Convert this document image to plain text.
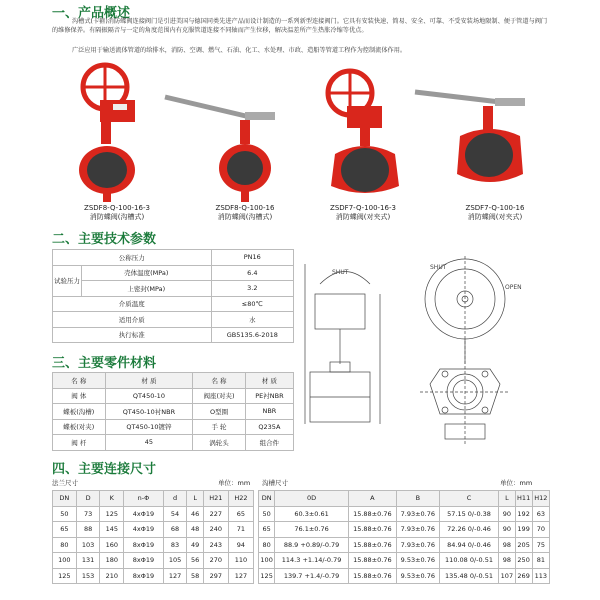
一、产品概述
沟槽式(卡箍)消防蝶阀连接阀门是引进美国与德国同类先进产品而设计制造的一系列新型连接阀门。它具有安装快速、简易、安全、可靠、不受安装场地限制、便于管道与阀门的维修保养。有隔振隔音与一定的角度范围内有克服管道连接不同轴而产生位移，解决温差所产生热胀冷缩等优点。
广泛应用于输送流体管道的给排水，消防、空调、燃气、石油、化工、水处理、市政、造船等管道工程作为控制流体作用。
ZSDF8-Q-100-16-3
消防蝶阀(沟槽式)
ZSDF8-Q-100-16
消防蝶阀(沟槽式)
ZSDF7-Q-100-16-3
消防蝶阀(对夹式)
ZSDF7-Q-100-16
消防蝶阀(对夹式)
二、主要技术参数
公称压力		PN16
试验压力	壳体温度(MPa)	6.4
	上密封(MPa)	3.2
介质温度		≤80℃
适用介质		水
执行标准		GB5135.6-2018
三、主要零件材料
名 称	材 质	名 称	材 质
阀 体	QT450-10	阀座(对夹)	PE衬NBR
蝶板(沟槽)	QT450-10衬NBR	O型圈	NBR
蝶板(对夹)	QT450-10镀锌	手 轮	Q235A
阀 杆	45	涡轮头	组合件
SHUT
SHUT
OPEN
四、主要连接尺寸
法兰尺寸	单位：mm 沟槽尺寸	单位：mm
DN	D	K	n-Φ	d	L	H21	H22
50	73	125	4xΦ19	54	46	227	65
65	88	145	4xΦ19	68	48	240	71
80	103	160	8xΦ19	83	49	243	94
100	131	180	8xΦ19	105	56	270	110
125	153	210	8xΦ19	127	58	297	127
DN	0D	A	B	C	L	H11	H12
50	60.3±0.61	15.88±0.76	7.93±0.76	57.15 0/-0.38	90	192	63
65	76.1±0.76	15.88±0.76	7.93±0.76	72.26 0/-0.46	90	199	70
80	88.9 +0.89/-0.79	15.88±0.76	7.93±0.76	84.94 0/-0.46	98	205	75
100	114.3 +1.14/-0.79	15.88±0.76	9.53±0.76	110.08 0/-0.51	98	250	81
125	139.7 +1.4/-0.79	15.88±0.76	9.53±0.76	135.48 0/-0.51	107	269	113
